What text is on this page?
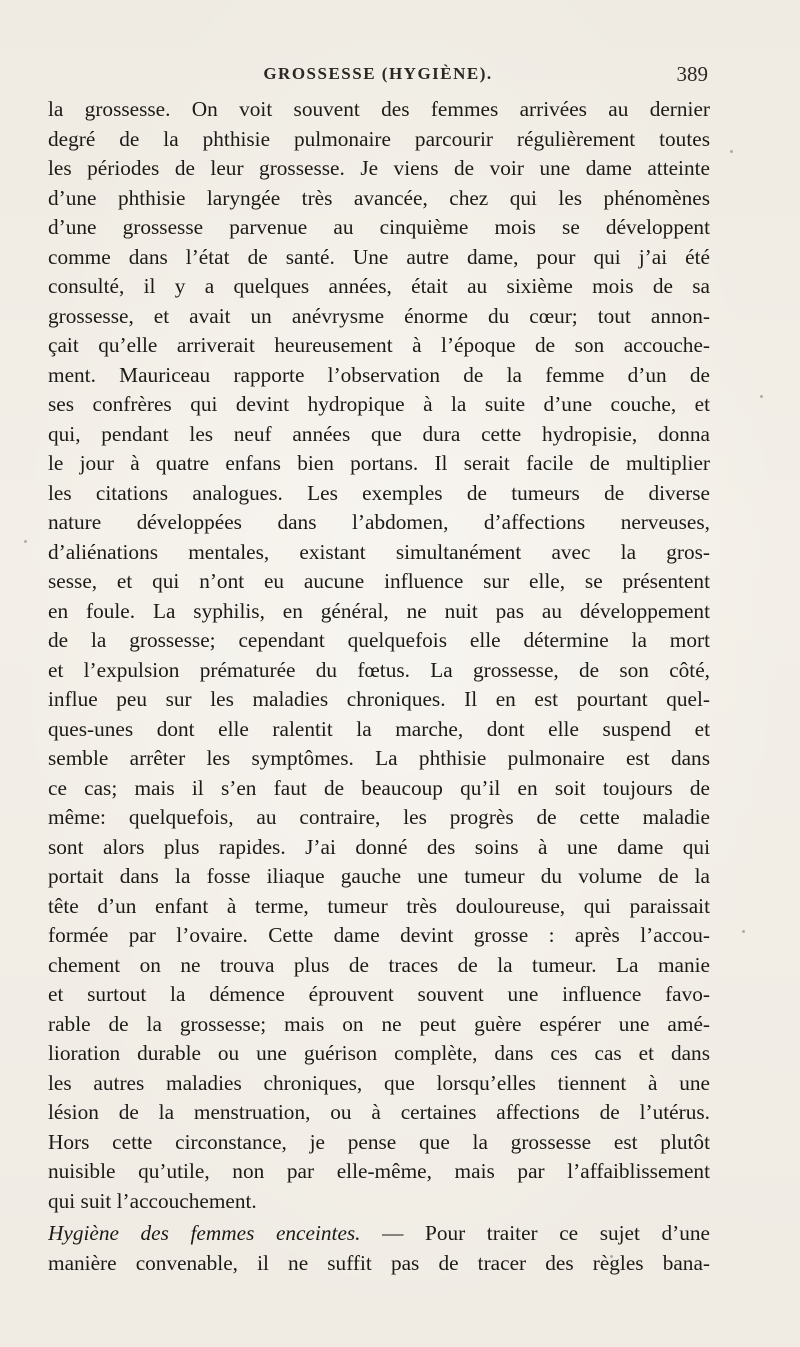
GROSSESSE (HYGIÈNE).	389
la grossesse. On voit souvent des femmes arrivées au dernier
degré de la phthisie pulmonaire parcourir régulièrement toutes
les périodes de leur grossesse. Je viens de voir une dame atteinte
d’une phthisie laryngée très avancée, chez qui les phénomènes
d’une grossesse parvenue au cinquième mois se développent
comme dans l’état de santé. Une autre dame, pour qui j’ai été
consulté, il y a quelques années, était au sixième mois de sa
grossesse, et avait un anévrysme énorme du cœur; tout annon-
çait qu’elle arriverait heureusement à l’époque de son accouche-
ment. Mauriceau rapporte l’observation de la femme d’un de
ses confrères qui devint hydropique à la suite d’une couche, et
qui, pendant les neuf années que dura cette hydropisie, donna
le jour à quatre enfans bien portans. Il serait facile de multiplier
les citations analogues. Les exemples de tumeurs de diverse
nature développées dans l’abdomen, d’affections nerveuses,
d’aliénations mentales, existant simultanément avec la gros-
sesse, et qui n’ont eu aucune influence sur elle, se présentent
en foule. La syphilis, en général, ne nuit pas au développement
de la grossesse; cependant quelquefois elle détermine la mort
et l’expulsion prématurée du fœtus. La grossesse, de son côté,
influe peu sur les maladies chroniques. Il en est pourtant quel-
ques-unes dont elle ralentit la marche, dont elle suspend et
semble arrêter les symptômes. La phthisie pulmonaire est dans
ce cas; mais il s’en faut de beaucoup qu’il en soit toujours de
même: quelquefois, au contraire, les progrès de cette maladie
sont alors plus rapides. J’ai donné des soins à une dame qui
portait dans la fosse iliaque gauche une tumeur du volume de la
tête d’un enfant à terme, tumeur très douloureuse, qui paraissait
formée par l’ovaire. Cette dame devint grosse : après l’accou-
chement on ne trouva plus de traces de la tumeur. La manie
et surtout la démence éprouvent souvent une influence favo-
rable de la grossesse; mais on ne peut guère espérer une amé-
lioration durable ou une guérison complète, dans ces cas et dans
les autres maladies chroniques, que lorsqu’elles tiennent à une
lésion de la menstruation, ou à certaines affections de l’utérus.
Hors cette circonstance, je pense que la grossesse est plutôt
nuisible qu’utile, non par elle-même, mais par l’affaiblissement
qui suit l’accouchement.
Hygiène des femmes enceintes. — Pour traiter ce sujet d’une
manière convenable, il ne suffit pas de tracer des règles bana-
